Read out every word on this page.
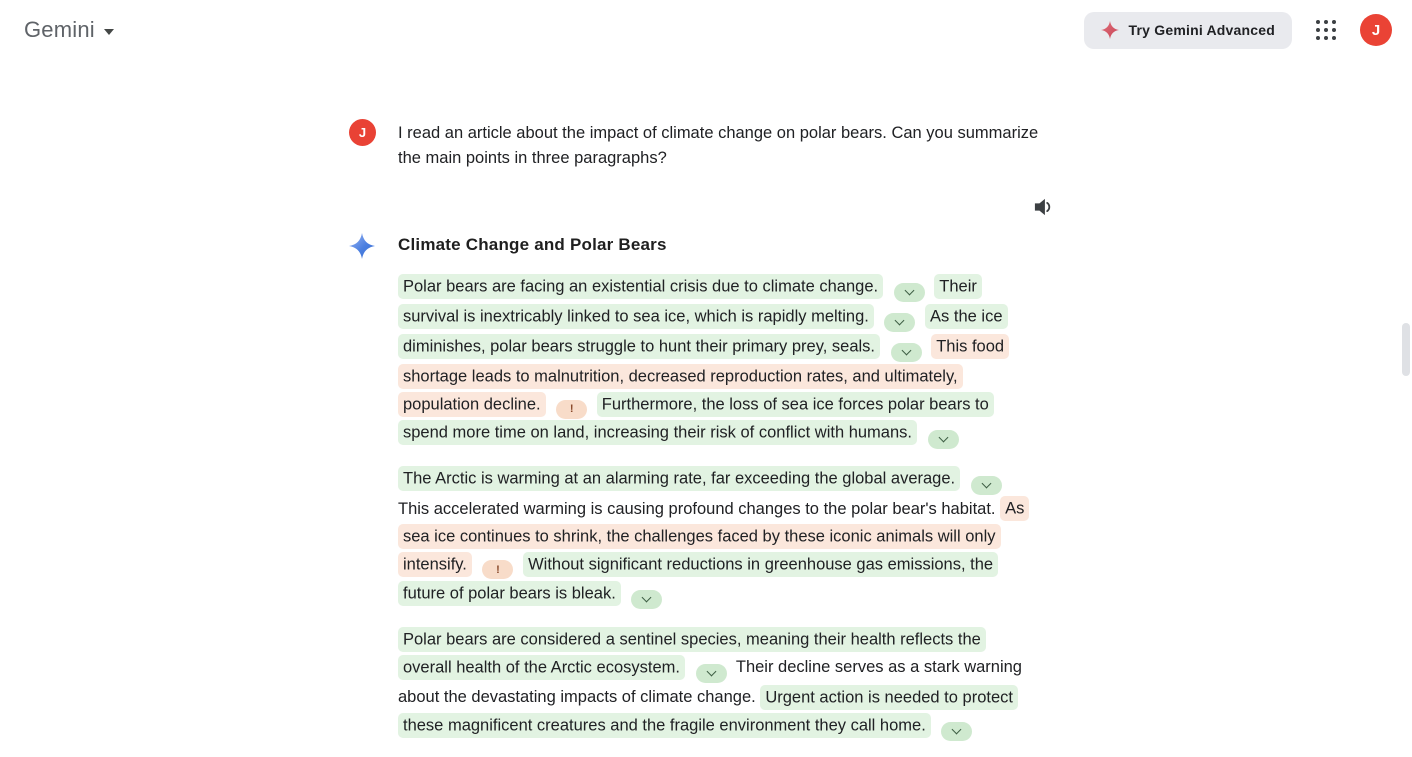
Gemini	Try Gemini Advanced	J
J	I read an article about the impact of climate change on polar bears. Can you summarize the main points in three paragraphs?
Climate Change and Polar Bears

Polar bears are facing an existential crisis due to climate change.	Their survival is inextricably linked to sea ice, which is rapidly melting.	As the ice diminishes, polar bears struggle to hunt their primary prey, seals.	This food shortage leads to malnutrition, decreased reproduction rates, and ultimately, population decline.	! Furthermore, the loss of sea ice forces polar bears to spend more time on land, increasing their risk of conflict with humans.

The Arctic is warming at an alarming rate, far exceeding the global average.
This accelerated warming is causing profound changes to the polar bear's habitat. As sea ice continues to shrink, the challenges faced by these iconic animals will only intensify.	! Without significant reductions in greenhouse gas emissions, the future of polar bears is bleak.

Polar bears are considered a sentinel species, meaning their health reflects the overall health of the Arctic ecosystem.	Their decline serves as a stark warning about the devastating impacts of climate change. Urgent action is needed to protect these magnificent creatures and the fragile environment they call home.
